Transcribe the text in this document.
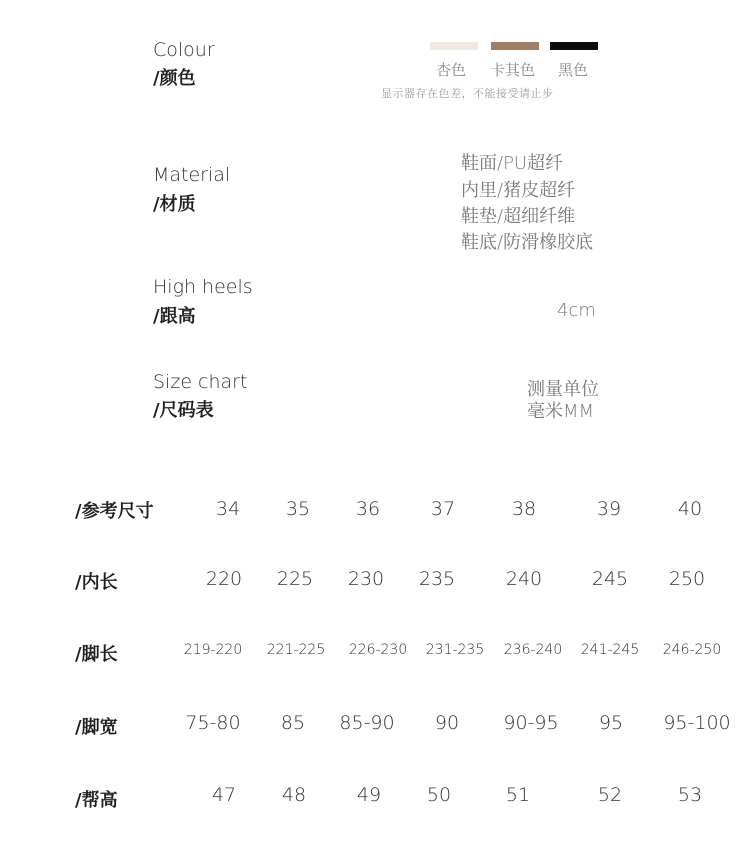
Colour
/颜色	杏色 卡其色 黑色
显示器存在色差，不能接受请止步
Material
/材质
鞋面/PU超纤
内里/猪皮超纤
鞋垫/超细纤维
鞋底/防滑橡胶底
High heels
/跟高	4cm
Size chart
/尺码表
测量单位
毫米MM
/参考尺寸	34	35	36	37	38	39	40
/内长	220	225	230	235	240	245	250
/脚长	219-220	221-225	226-230	231-235	236-240	241-245	246-250
/脚宽	75-80	85	85-90	90	90-95	95	95-100
/帮高	47	48	49	50	51	52	53
